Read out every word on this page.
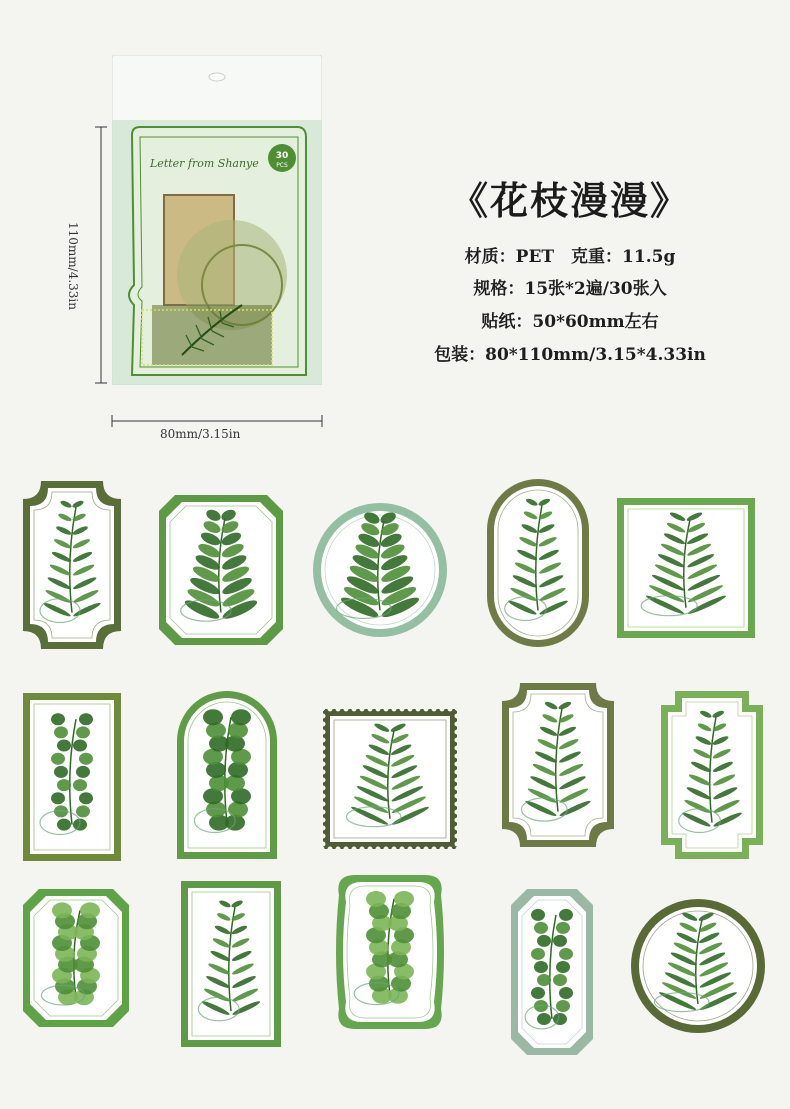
Letter from Shanye
30
PCS
80mm/3.15in
110mm/4.33in
《花枝漫漫》
材质：PET　克重：11.5g
规格：15张*2遍/30张入
贴纸：50*60mm左右
包装：80*110mm/3.15*4.33in
